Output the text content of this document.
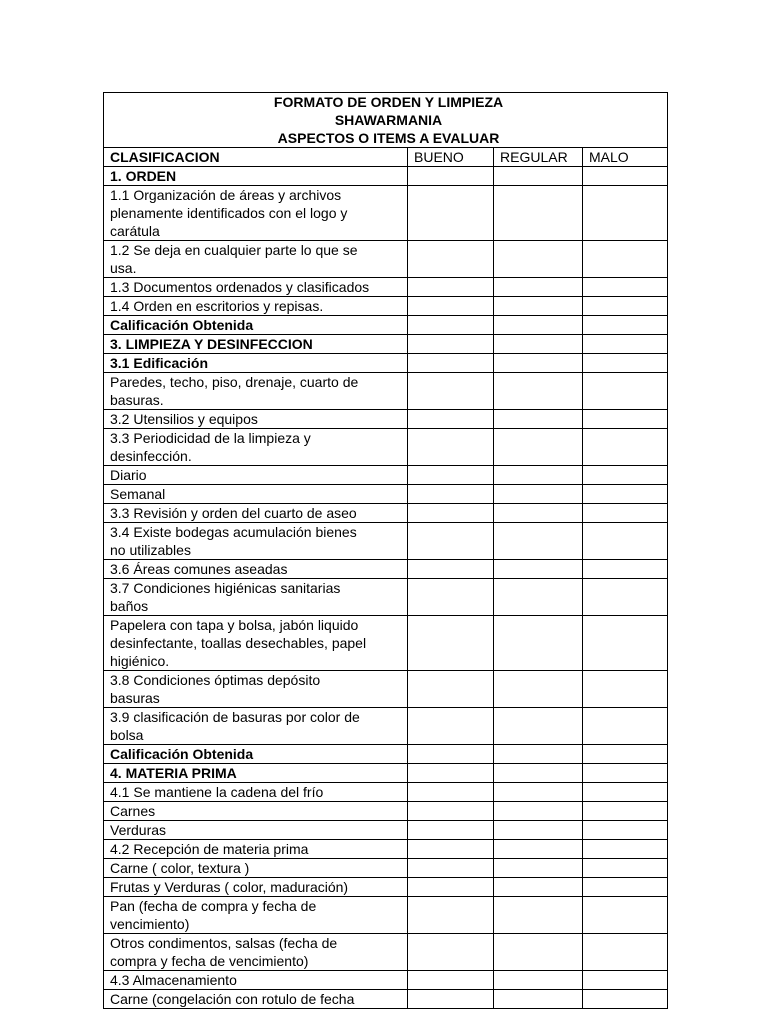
FORMATO DE ORDEN Y LIMPIEZA
SHAWARMANIA
ASPECTOS O ITEMS A EVALUAR			

CLASIFICACION	BUENO	REGULAR	MALO

1. ORDEN			

1.1 Organización de áreas y archivos
plenamente identificados con el logo y
carátula			

1.2 Se deja en cualquier parte lo que se
usa.			

1.3 Documentos ordenados y clasificados			

1.4 Orden en escritorios y repisas.			

Calificación Obtenida			

3. LIMPIEZA Y DESINFECCION			

3.1 Edificación			

Paredes, techo, piso, drenaje, cuarto de
basuras.			

3.2 Utensilios y equipos			

3.3 Periodicidad de la limpieza y
desinfección.			

Diario			

Semanal			

3.3 Revisión y orden del cuarto de aseo			

3.4 Existe bodegas acumulación bienes
no utilizables			

3.6 Áreas comunes aseadas			

3.7 Condiciones higiénicas sanitarias
baños			

Papelera con tapa y bolsa, jabón liquido
desinfectante, toallas desechables, papel
higiénico.			

3.8 Condiciones óptimas depósito
basuras			

3.9 clasificación de basuras por color de
bolsa			

Calificación Obtenida			

4. MATERIA PRIMA			

4.1 Se mantiene la cadena del frío			

Carnes			

Verduras			

4.2 Recepción de materia prima			

Carne ( color, textura )			

Frutas y Verduras ( color, maduración)			

Pan (fecha de compra y fecha de
vencimiento)			

Otros condimentos, salsas (fecha de
compra y fecha de vencimiento)			

4.3 Almacenamiento			

Carne (congelación con rotulo de fecha			
